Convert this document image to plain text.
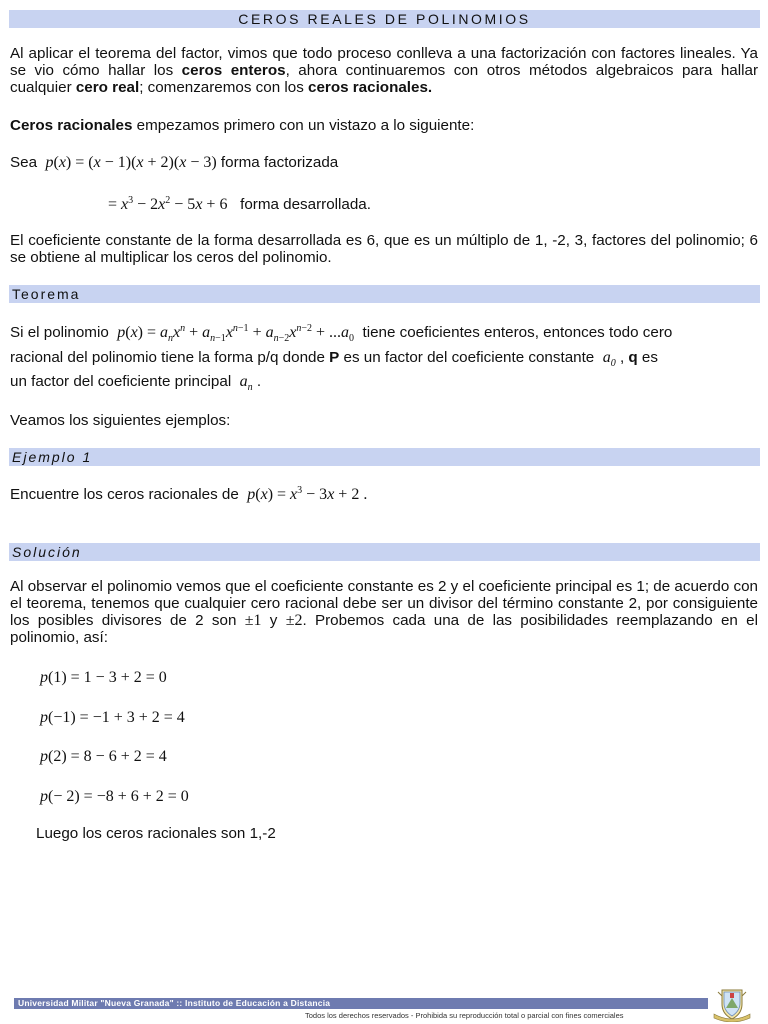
CEROS REALES DE POLINOMIOS
Al aplicar el teorema del factor, vimos que todo proceso conlleva a una factorización con factores lineales. Ya se vio cómo hallar los ceros enteros, ahora continuaremos con otros métodos algebraicos para hallar cualquier cero real; comenzaremos con los ceros racionales.
Ceros racionales empezamos primero con un vistazo a lo siguiente:
Sea p(x) = (x − 1)(x + 2)(x − 3) forma factorizada
= $x^3 - 2x^2 - 5x + 6$ forma desarrollada.
El coeficiente constante de la forma desarrollada es 6, que es un múltiplo de 1, -2, 3, factores del polinomio; 6 se obtiene al multiplicar los ceros del polinomio.
Teorema
Si el polinomio $p(x) = a_nx^n + a_{n-1}x^{n-1} + a_{n-2}x^{n-2} + ...a_0$ tiene coeficientes enteros, entonces todo cero
racional del polinomio tiene la forma p/q donde P es un factor del coeficiente constante $a_0$ , q es
un factor del coeficiente principal $a_n$ .
Veamos los siguientes ejemplos:
Ejemplo 1
Encuentre los ceros racionales de $p(x) = x^3 - 3x + 2$ .
Solución
Al observar el polinomio vemos que el coeficiente constante es 2 y el coeficiente principal es 1; de acuerdo con el teorema, tenemos que cualquier cero racional debe ser un divisor del término constante 2, por consiguiente los posibles divisores de 2 son ±1 y ±2. Probemos cada una de las posibilidades reemplazando en el polinomio, así:
p(1) = 1 − 3 + 2 = 0
p(−1) = −1 + 3 + 2 = 4
p(2) = 8 − 6 + 2 = 4
p(− 2) = −8 + 6 + 2 = 0
Luego los ceros racionales son 1,-2
Universidad Militar "Nueva Granada" :: Instituto de Educación a Distancia
Todos los derechos reservados - Prohibida su reproducción total o parcial con fines comerciales
